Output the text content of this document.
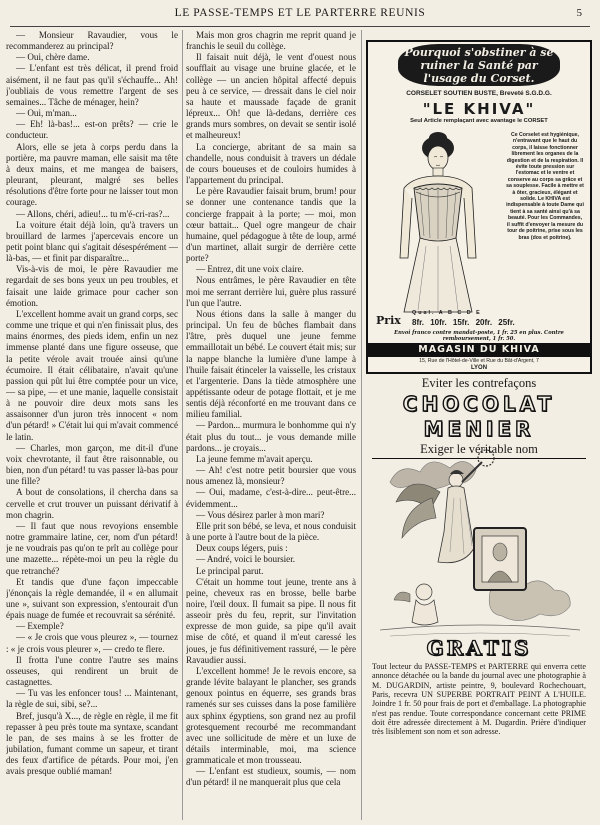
LE PASSE-TEMPS ET LE PARTERRE REUNIS	5

— Monsieur Ravaudier, vous le recommanderez au principal?

— Oui, chère dame.

— L'enfant est très délicat, il prend froid aisément, il ne faut pas qu'il s'échauffe... Ah! j'oubliais de vous remettre l'argent de ses semaines... Tâche de ménager, hein?

— Oui, m'man...

— Eh! là-bas!... est-on prêts? — crie le conducteur.

Alors, elle se jeta à corps perdu dans la portière, ma pauvre maman, elle saisit ma tête à deux mains, et me mangea de baisers, pleurant, pleurant, malgré ses belles résolutions d'être forte pour ne laisser tout mon courage.

— Allons, chéri, adieu!... tu m'é-cri-ras?...

La voiture était déjà loin, qu'à travers un brouillard de larmes j'apercevais encore un petit point blanc qui s'agitait désespérément — là-bas, — et finit par disparaître...

Vis-à-vis de moi, le père Ravaudier me regardait de ses bons yeux un peu troubles, et faisait une laide grimace pour cacher son émotion.

L'excellent homme avait un grand corps, sec comme une trique et qui n'en finissait plus, des mains énormes, des pieds idem, enfin un nez immense planté dans une figure osseuse, que la petite vérole avait trouée ainsi qu'une écumoire. Il était célibataire, n'avait qu'une passion qui pût lui être comptée pour un vice, — sa pipe, — et une manie, laquelle consistait à ne pouvoir dire deux mots sans les assaisonner d'un juron très innocent « nom d'un pétard! » C'était lui qui m'avait commencé le latin.

— Charles, mon garçon, me dit-il d'une voix chevrotante, il faut être raisonnable, ou bien, non d'un pétard! tu vas passer là-bas pour une fille?

A bout de consolations, il chercha dans sa cervelle et crut trouver un puissant dérivatif à mon chagrin.

— Il faut que nous revoyions ensemble notre grammaire latine, cer, nom d'un pétard! je ne voudrais pas qu'on te prît au collège pour une mazette... répète-moi un peu la règle du que retranché?

Et tandis que d'une façon impeccable j'énonçais la règle demandée, il « en allumait une », suivant son expression, s'entourait d'un épais nuage de fumée et recouvrait sa sérénité.

— Exemple?

— « Je crois que vous pleurez », — tournez : « je crois vous pleurer », — credo te flere.

Il frotta l'une contre l'autre ses mains osseuses, qui rendirent un bruit de castagnettes.

— Tu vas les enfoncer tous! ... Maintenant, la règle de sui, sibi, se?...

Bref, jusqu'à X..., de règle en règle, il me fit repasser à peu près toute ma syntaxe, scandant le pan, de ses mains à se les frotter de jubilation, fumant comme un sapeur, et tirant des feux d'artifice de pétards. Pour moi, j'en avais presque oublié maman!

Mais mon gros chagrin me reprit quand je franchis le seuil du collège.

Il faisait nuit déjà, le vent d'ouest nous soufflait au visage une bruine glacée, et le collège — un ancien hôpital affecté depuis peu à ce service, — dressait dans le ciel noir sa haute et maussade façade de granit lépreux... Oh! que là-dedans, derrière ces grands murs sombres, on devait se sentir isolé et malheureux!

La concierge, abritant de sa main sa chandelle, nous conduisit à travers un dédale de cours boueuses et de couloirs humides à l'appartement du principal.

Le père Ravaudier faisait brum, brum! pour se donner une contenance tandis que la concierge frappait à la porte; — moi, mon cœur battait... Quel ogre mangeur de chair humaine, quel pédagogue à tête de loup, armé d'un martinet, allait surgir de derrière cette porte?

— Entrez, dit une voix claire.

Nous entrâmes, le père Ravaudier en tête moi me serrant derrière lui, guère plus rassuré l'un que l'autre.

Nous étions dans la salle à manger du principal. Un feu de bûches flambait dans l'âtre, près duquel une jeune femme emmaillotait un bébé. Le couvert était mis; sur la nappe blanche la lumière d'une lampe à l'huile faisait étinceler la vaisselle, les cristaux et l'argenterie. Dans la tiède atmosphère une appétissante odeur de potage flottait, et je me sentis déjà réconforté en me trouvant dans ce milieu familial.

— Pardon... murmura le bonhomme qui n'y était plus du tout... je vous demande mille pardons... je croyais...

La jeune femme m'avait aperçu.

— Ah! c'est notre petit boursier que vous nous amenez là, monsieur?

— Oui, madame, c'est-à-dire... peut-être... évidemment...

— Vous désirez parler à mon mari?

Elle prit son bébé, se leva, et nous conduisit à une porte à l'autre bout de la pièce.

Deux coups légers, puis :

— André, voici le boursier.

Le principal parut.

C'était un homme tout jeune, trente ans à peine, cheveux ras en brosse, belle barbe noire, l'œil doux. Il fumait sa pipe. Il nous fit asseoir près du feu, reprit, sur l'invitation expresse de mon guide, sa pipe qu'il avait mise de côté, et quand il m'eut caressé les joues, je fus définitivement rassuré, — le père Ravaudier aussi.

L'excellent homme! Je le revois encore, sa grande lévite balayant le plancher, ses grands genoux pointus en équerre, ses grands bras ramenés sur ses cuisses dans la pose familière aux sphinx égyptiens, son grand nez au profil grotesquement recourbé me recommandant avec une sollicitude de mère et un luxe de détails interminable, moi, ma science grammaticale et mon trousseau.

— L'enfant est studieux, soumis, — nom d'un pétard! il ne manquerait plus que cela

Pourquoi s'obstiner à se ruiner la Santé par l'usage du Corset.
CORSELET SOUTIEN BUSTE, Breveté S.G.D.G.
"LE KHIVA"
Seul Article remplaçant avec avantage le CORSET
Ce Corselet est hygiénique, n'entravant que le haut du corps, il laisse fonctionner librement les organes de la digestion et de la respiration. Il évite toute pression sur l'estomac et le ventre et conserve au corps sa grâce et sa souplesse. Facile à mettre et à ôter, gracieux, élégant et solide. Le KHIVA est indispensable à toute Dame qui tient à sa santé ainsi qu'à sa beauté. Pour les Commandes, il suffit d'envoyer la mesure du tour de poitrine, prise sous les bras (dos et poitrine).
Prix
Qual. A B C D E
8fr. 10fr. 15fr. 20fr. 25fr.
Envoi franco contre mandat-poste, 1 fr. 25 en plus. Contre remboursement, 1 fr. 50.
MAGASIN DU KHIVA
15, Rue de l'Hôtel-de-Ville et Rue du Bât-d'Argent, 7
LYON
Eviter les contrefaçons
CHOCOLAT
MENIER
Exiger le véritable nom
GRATIS
Tout lecteur du PASSE-TEMPS et PARTERRE qui enverra cette annonce détachée ou la bande du journal avec une photographie à M. DUGARDIN, artiste peintre, 9, boulevard Rochechouart, Paris, recevra UN SUPERBE PORTRAIT PEINT A L'HUILE. Joindre 1 fr. 50 pour frais de port et d'emballage. La photographie n'est pas rendue. Toute correspondance concernant cette PRIME doit être adressée directement à M. Dugardin. Prière d'indiquer très lisiblement son nom et son adresse.
